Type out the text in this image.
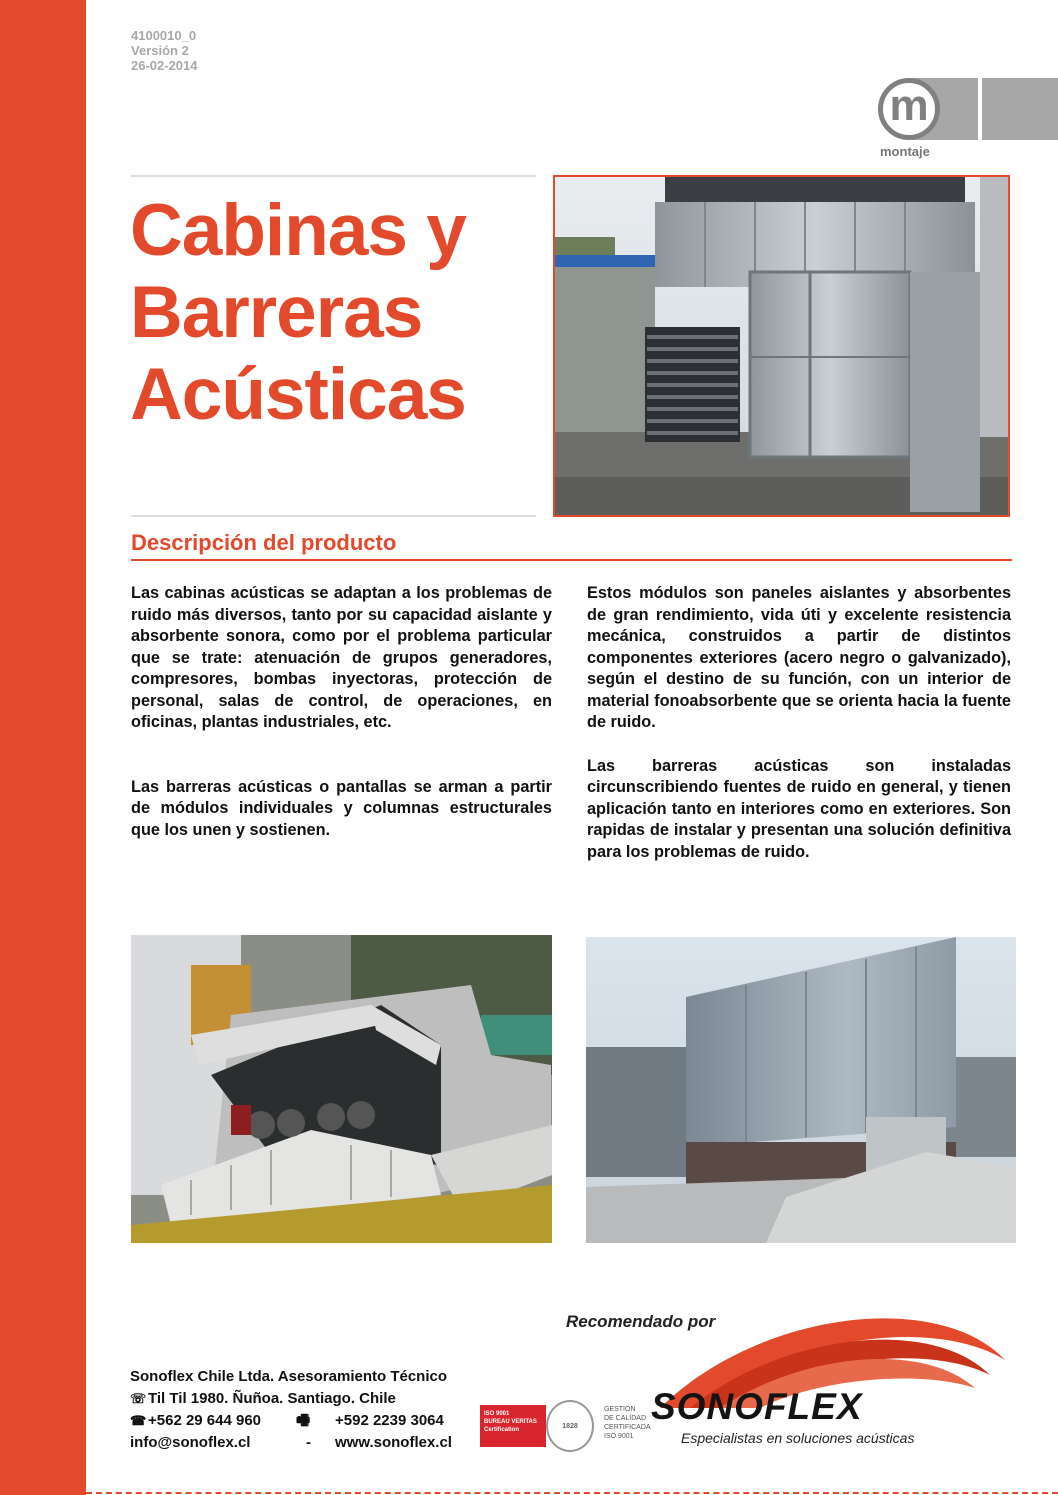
4100010_0
Versión 2
26-02-2014
m
montaje
Cabinas y
Barreras
Acústicas
Descripción del producto

Las cabinas acústicas se adaptan a los problemas de ruido más diversos, tanto por su capacidad aislante y absorbente sonora, como por el problema particular que se trate: atenuación de grupos generadores, compresores, bombas inyectoras, protección de personal, salas de control, de operaciones, en oficinas, plantas industriales, etc.

Las barreras acústicas o pantallas se arman a partir de módulos individuales y columnas estructurales que los unen y sostienen.

Estos módulos son paneles aislantes y absorbentes de gran rendimiento, vida úti y excelente resistencia mecánica, construidos a partir de distintos componentes exteriores (acero negro o galvanizado), según el destino de su función, con un interior de material fonoabsorbente que se orienta hacia la fuente de ruido.

Las barreras acústicas son instaladas circunscribiendo fuentes de ruido en general, y tienen aplicación tanto en interiores como en exteriores. Son rapidas de instalar y presentan una solución definitiva para los problemas de ruido.

Recomendado por
SONOFLEX
Especialistas en soluciones acústicas
Sonoflex Chile Ltda. Asesoramiento Técnico
☏ Til Til 1980. Ñuñoa. Santiago. Chile
☎ +562 29 644 960 🖷 +592 2239 3064
info@sonoflex.cl	- www.sonoflex.cl
ISO 9001
BUREAU VERITAS
Certification
1828
GESTION
DE CALIDAD
CERTIFICADA
ISO 9001
